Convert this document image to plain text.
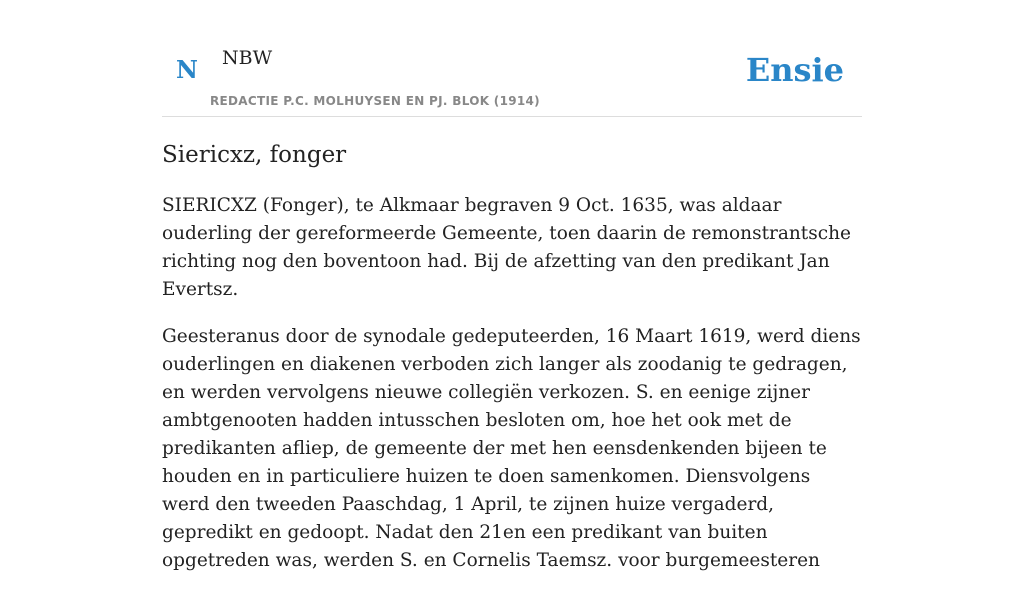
N NBW
REDACTIE P.C. MOLHUYSEN EN PJ. BLOK (1914)
Ensie
Siericxz, fonger

SIERICXZ (Fonger), te Alkmaar begraven 9 Oct. 1635, was aldaar ouderling der gereformeerde Gemeente, toen daarin de remonstrantsche richting nog den boventoon had. Bij de afzetting van den predikant Jan Evertsz.

Geesteranus door de synodale gedeputeerden, 16 Maart 1619, werd diens ouderlingen en diakenen verboden zich langer als zoodanig te gedragen, en werden vervolgens nieuwe collegiën verkozen. S. en eenige zijner ambtgenooten hadden intusschen besloten om, hoe het ook met de predikanten afliep, de gemeente der met hen eensdenkenden bijeen te houden en in particuliere huizen te doen samenkomen. Diensvolgens werd den tweeden Paaschdag, 1 April, te zijnen huize vergaderd, gepredikt en gedoopt. Nadat den 21en een predikant van buiten opgetreden was, werden S. en Cornelis Taemsz. voor burgemeesteren
